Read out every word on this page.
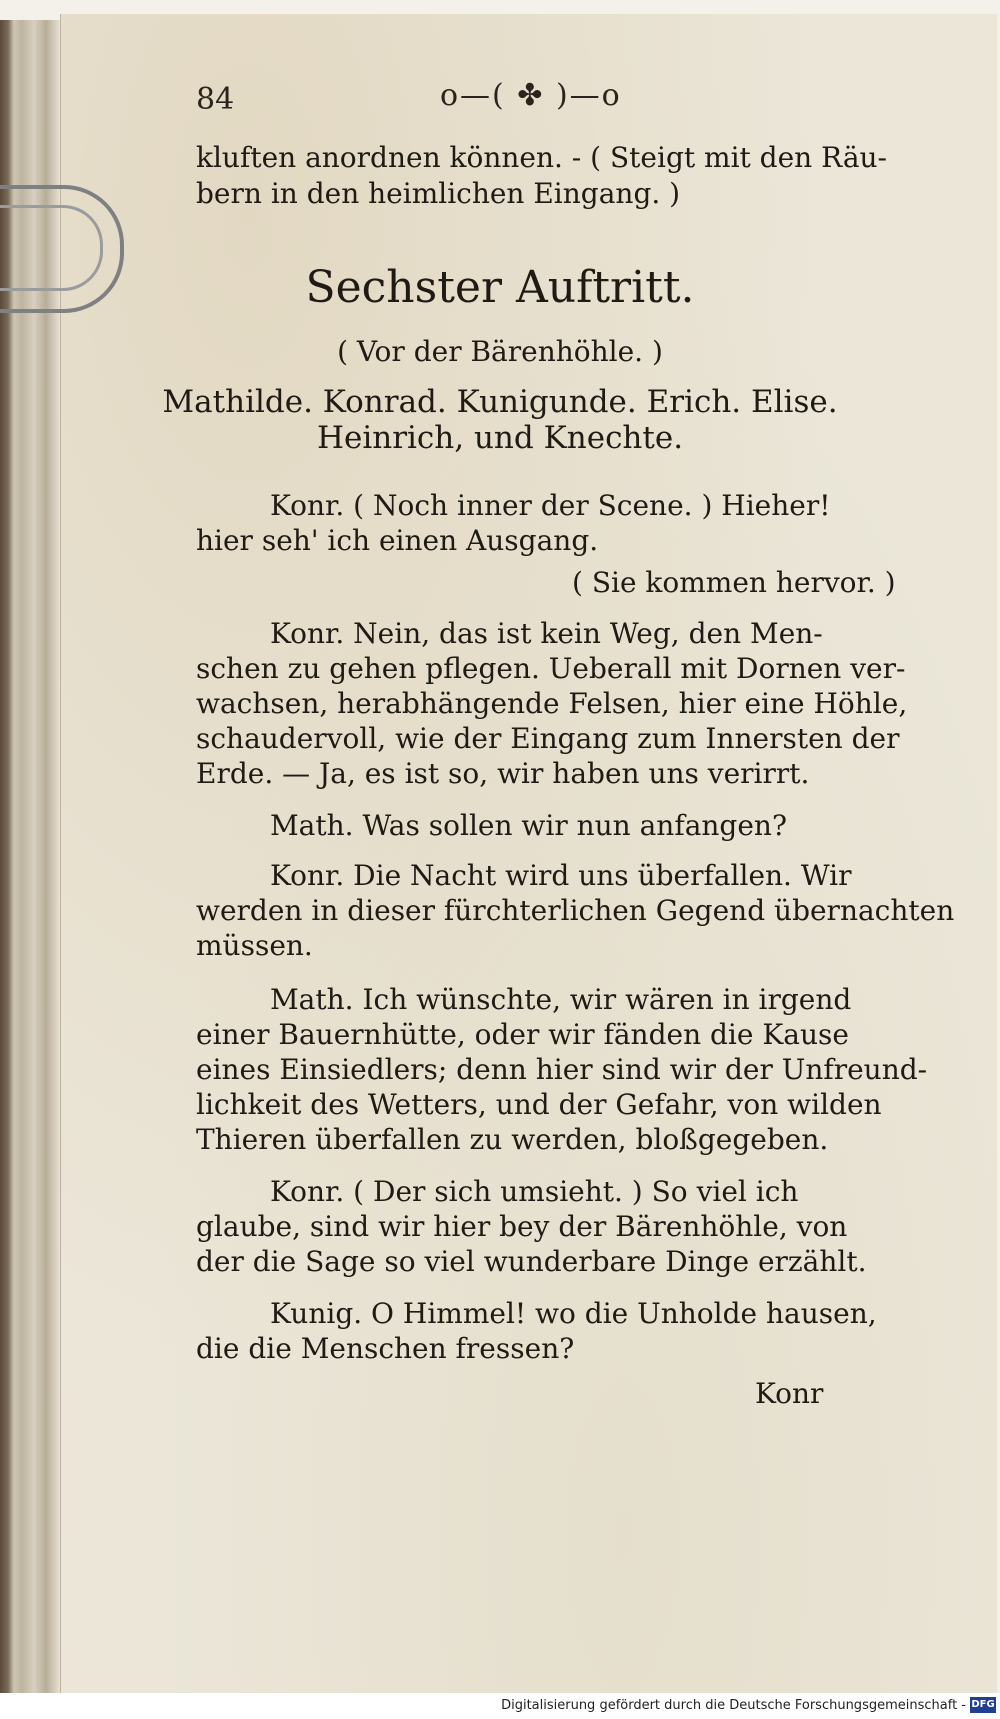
84	o—( ✤ )—o
kluften anordnen können. - ( Steigt mit den Räu-
bern in den heimlichen Eingang. )
Sechster Auftritt.
( Vor der Bärenhöhle. )
Mathilde. Konrad. Kunigunde. Erich. Elise.
Heinrich, und Knechte.
Konr. ( Noch inner der Scene. ) Hieher!
hier seh' ich einen Ausgang.
( Sie kommen hervor. )
Konr. Nein, das ist kein Weg, den Men-
schen zu gehen pflegen. Ueberall mit Dornen ver-
wachsen, herabhängende Felsen, hier eine Höhle,
schaudervoll, wie der Eingang zum Innersten der
Erde. — Ja, es ist so, wir haben uns verirrt.
Math. Was sollen wir nun anfangen?
Konr. Die Nacht wird uns überfallen. Wir
werden in dieser fürchterlichen Gegend übernachten
müssen.
Math. Ich wünschte, wir wären in irgend
einer Bauernhütte, oder wir fänden die Kause
eines Einsiedlers; denn hier sind wir der Unfreund-
lichkeit des Wetters, und der Gefahr, von wilden
Thieren überfallen zu werden, bloßgegeben.
Konr. ( Der sich umsieht. ) So viel ich
glaube, sind wir hier bey der Bärenhöhle, von
der die Sage so viel wunderbare Dinge erzählt.
Kunig. O Himmel! wo die Unholde hausen,
die die Menschen fressen?
Konr
Digitalisierung gefördert durch die Deutsche Forschungsgemeinschaft - DFG
